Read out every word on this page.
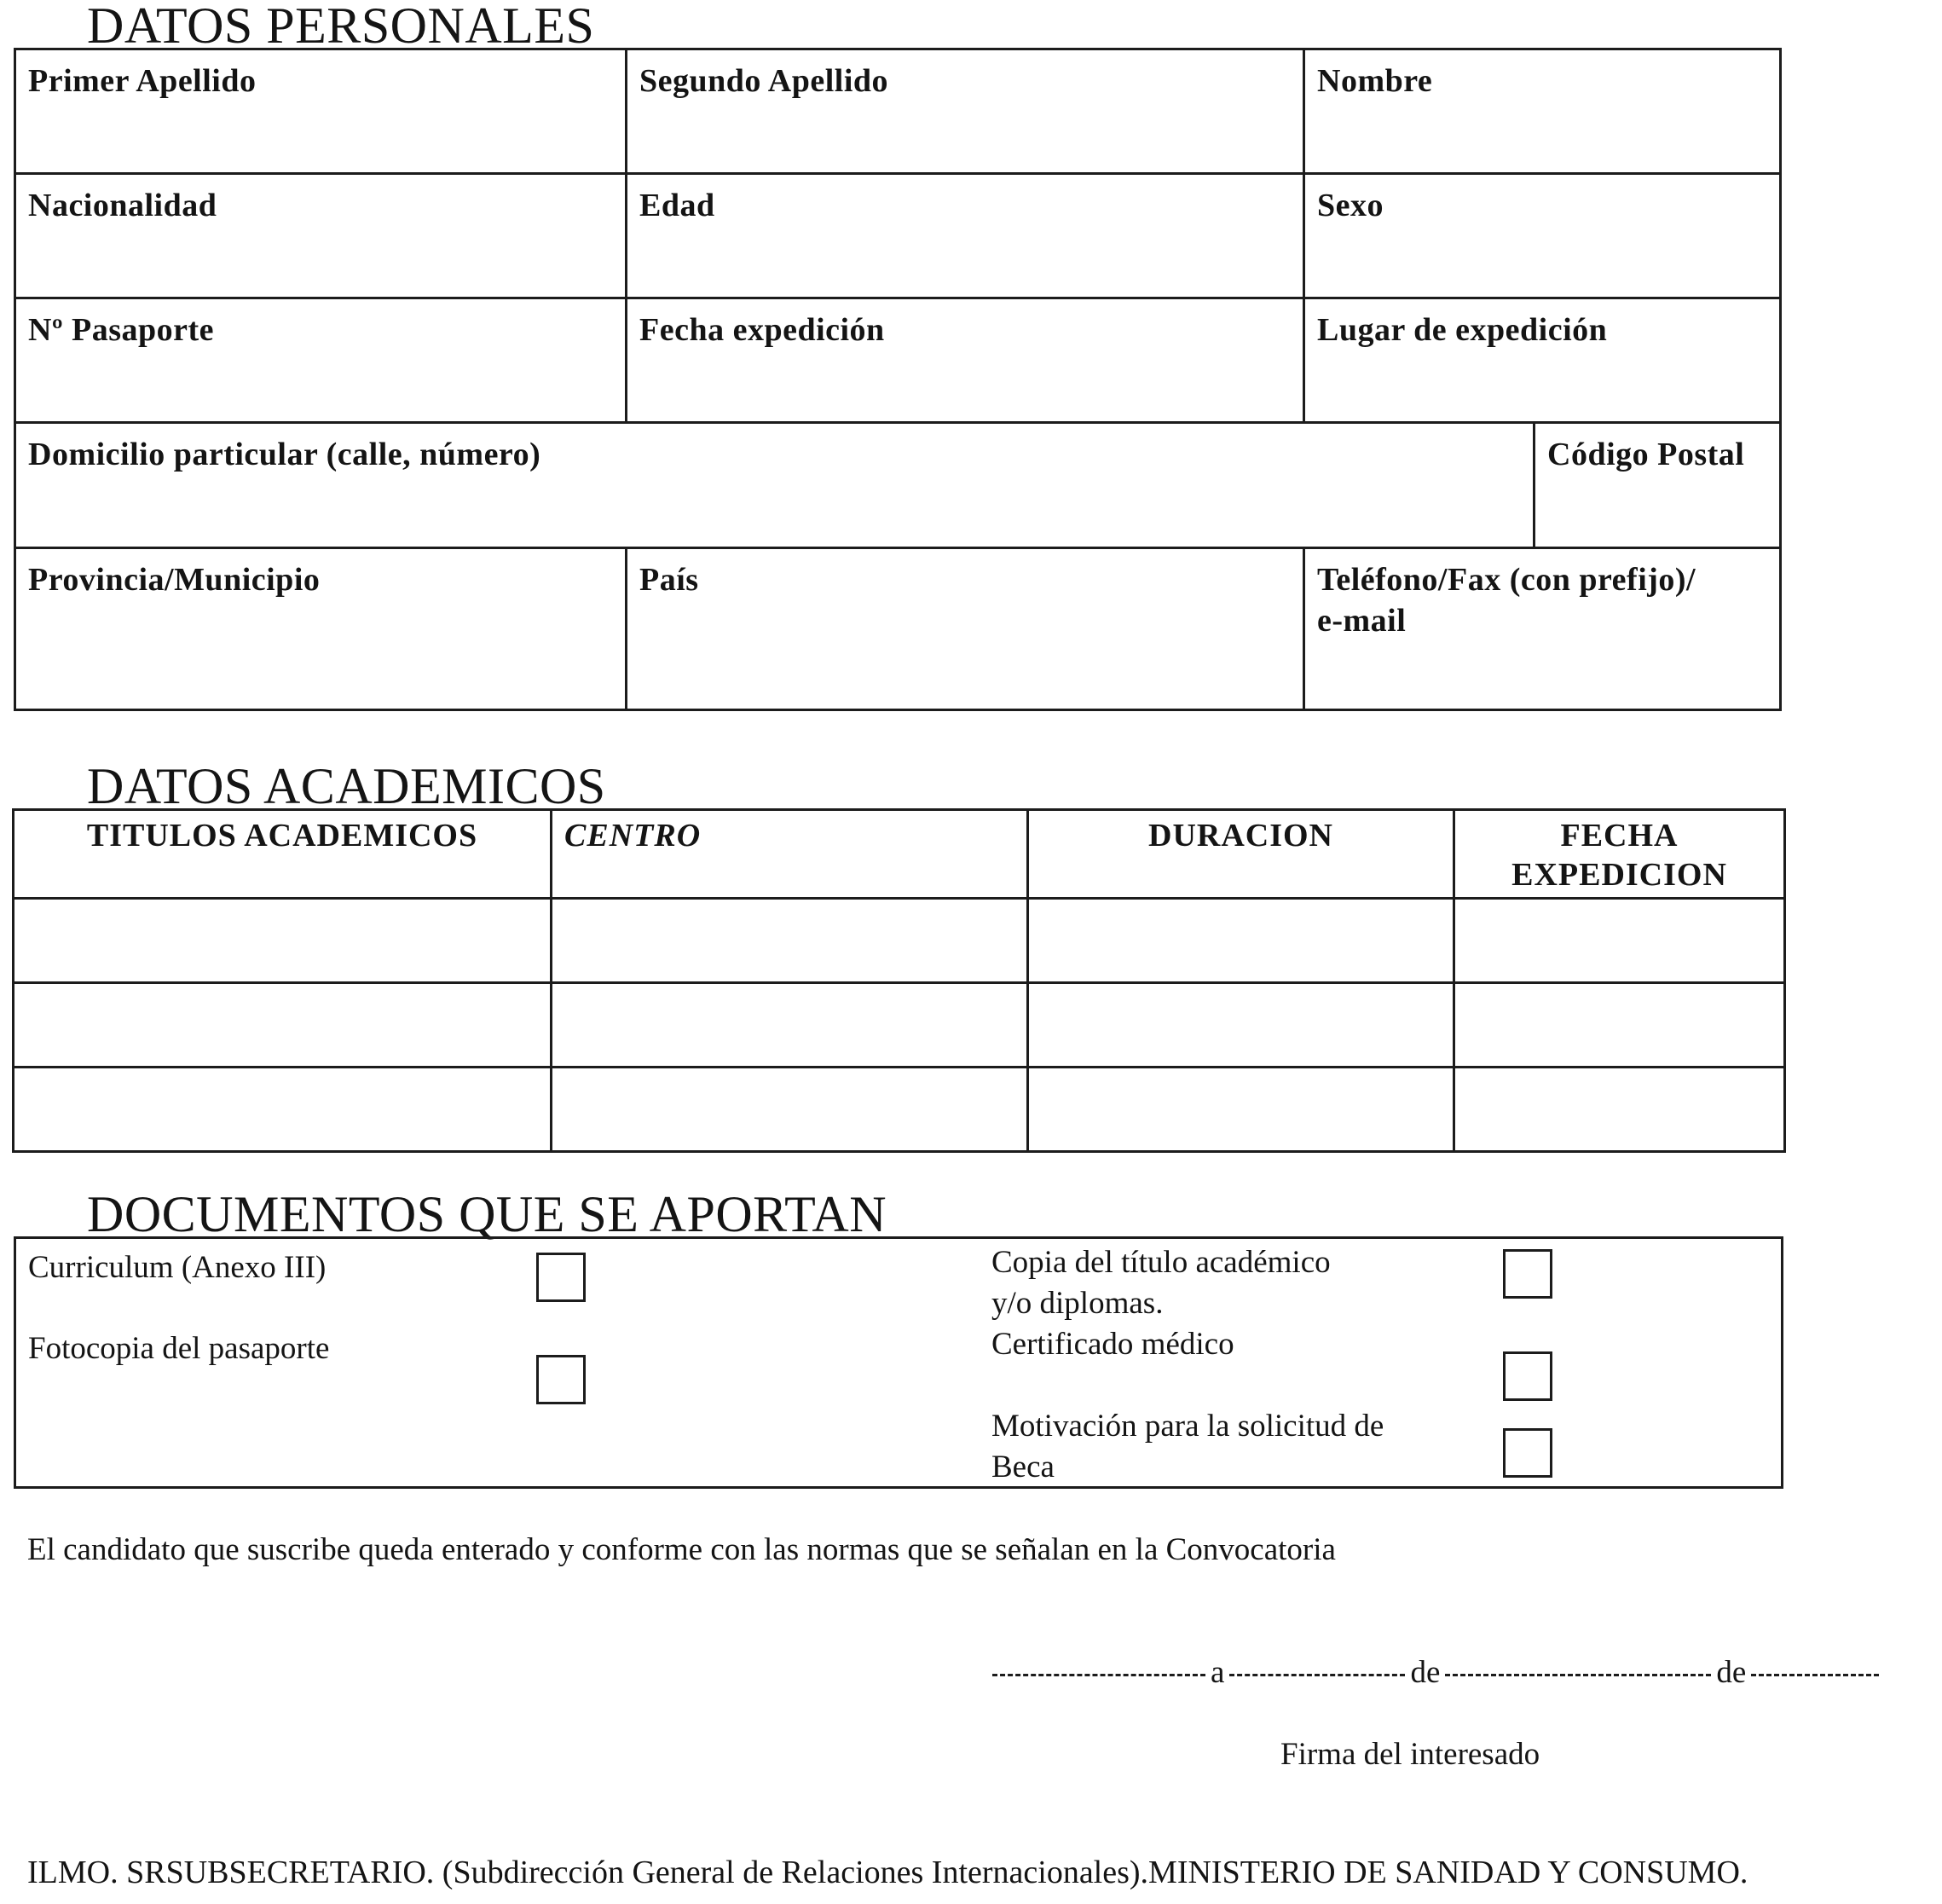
DATOS PERSONALES
Primer Apellido	Segundo Apellido	Nombre
Nacionalidad	Edad	Sexo
Nº Pasaporte	Fecha expedición	Lugar de expedición
Domicilio particular (calle, número)	Código Postal
Provincia/Municipio	País	Teléfono/Fax (con prefijo)/
e-mail
DATOS ACADEMICOS
TITULOS ACADEMICOS	CENTRO	DURACION	FECHA
EXPEDICION

DOCUMENTOS QUE SE APORTAN
Curriculum (Anexo III)
Fotocopia del pasaporte
Copia del título académico
y/o diplomas.
Certificado médico
Motivación para la solicitud de
Beca
El candidato que suscribe queda enterado y conforme con las normas que se señalan en la Convocatoria
a	de	de
Firma del interesado
ILMO. SRSUBSECRETARIO. (Subdirección General de Relaciones Internacionales).MINISTERIO DE SANIDAD Y CONSUMO.
